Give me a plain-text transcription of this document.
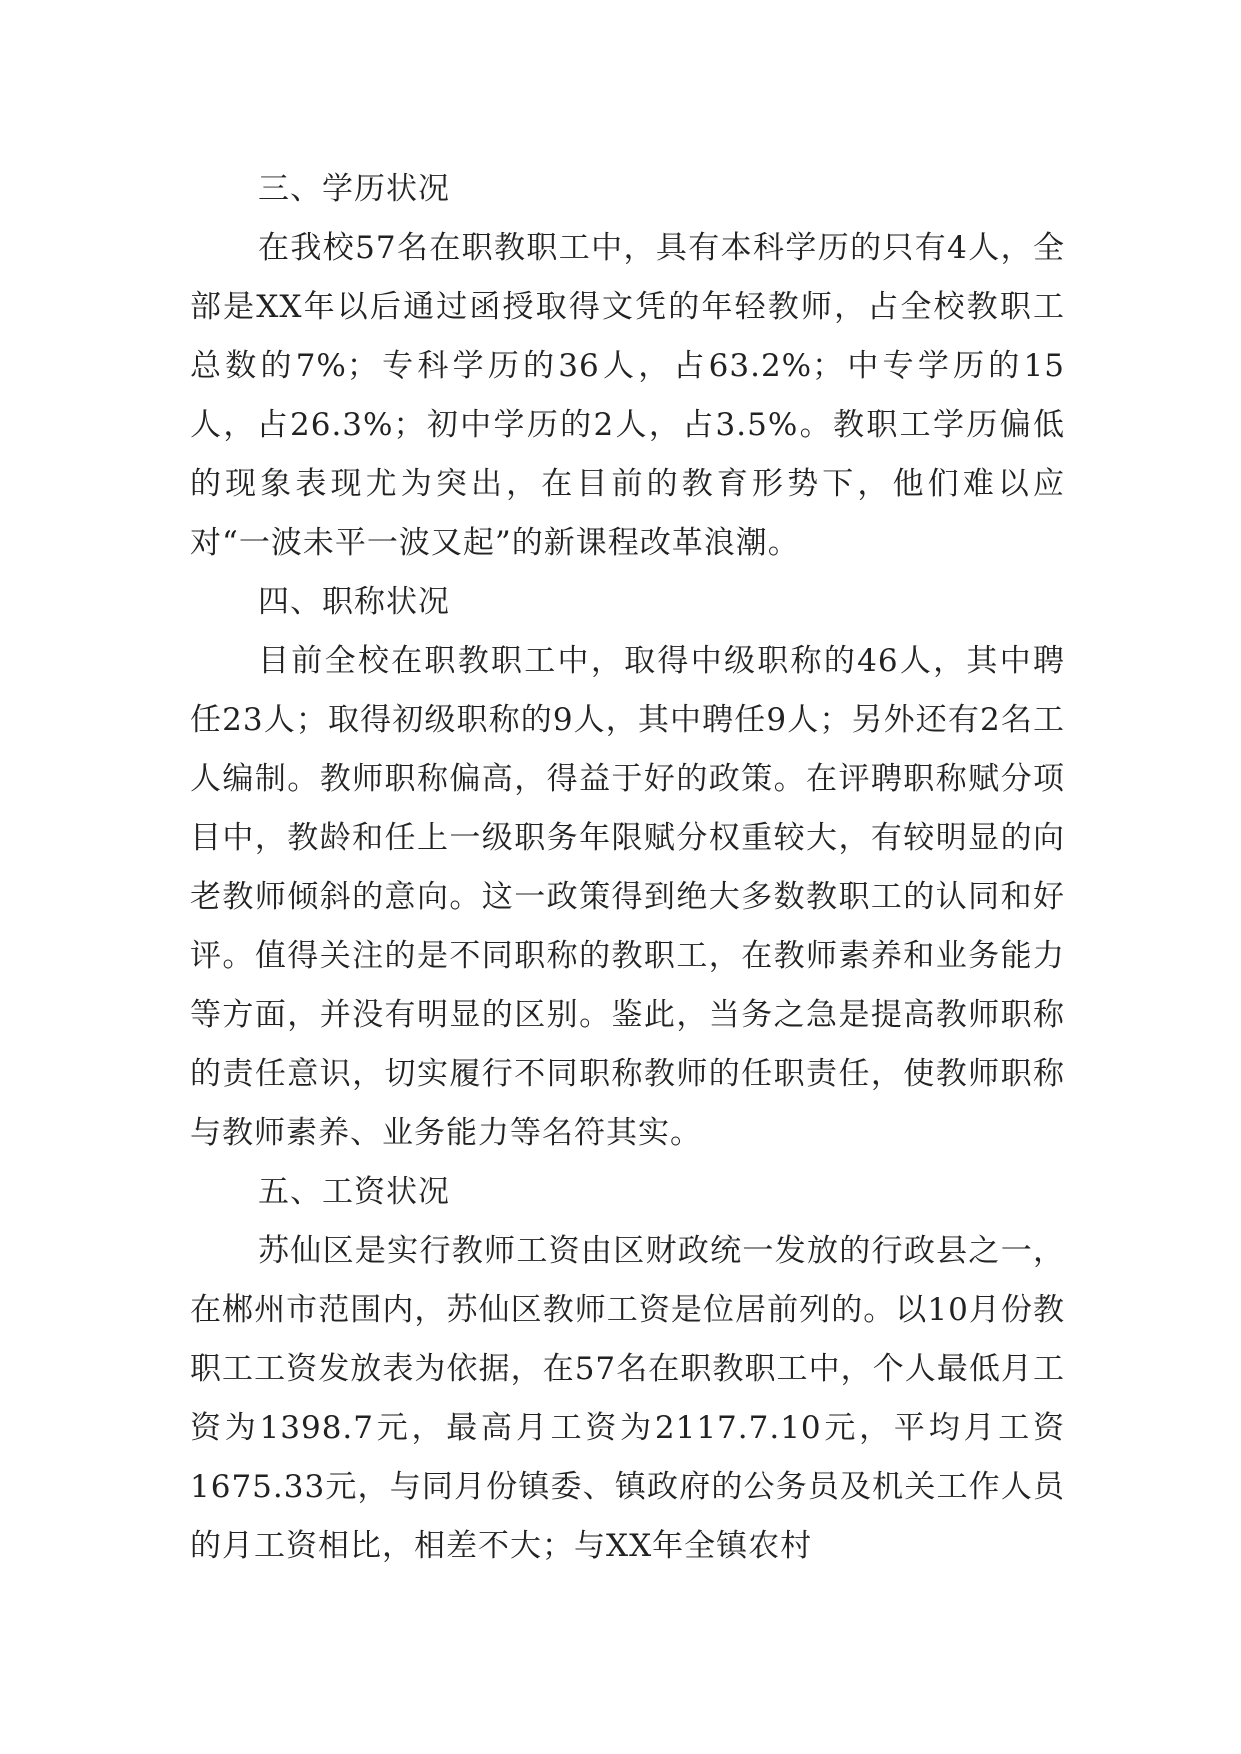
三、学历状况

在我校57名在职教职工中，具有本科学历的只有4人，全部是XX年以后通过函授取得文凭的年轻教师，占全校教职工总数的7%；专科学历的36人，占63.2%；中专学历的15人，占26.3%；初中学历的2人，占3.5%。教职工学历偏低的现象表现尤为突出，在目前的教育形势下，他们难以应对“一波未平一波又起”的新课程改革浪潮。

四、职称状况

目前全校在职教职工中，取得中级职称的46人，其中聘任23人；取得初级职称的9人，其中聘任9人；另外还有2名工人编制。教师职称偏高，得益于好的政策。在评聘职称赋分项目中，教龄和任上一级职务年限赋分权重较大，有较明显的向老教师倾斜的意向。这一政策得到绝大多数教职工的认同和好评。值得关注的是不同职称的教职工，在教师素养和业务能力等方面，并没有明显的区别。鉴此，当务之急是提高教师职称的责任意识，切实履行不同职称教师的任职责任，使教师职称与教师素养、业务能力等名符其实。

五、工资状况

苏仙区是实行教师工资由区财政统一发放的行政县之一，在郴州市范围内，苏仙区教师工资是位居前列的。以10月份教职工工资发放表为依据，在57名在职教职工中，个人最低月工资为1398.7元，最高月工资为2117.7.10元，平均月工资1675.33元，与同月份镇委、镇政府的公务员及机关工作人员的月工资相比，相差不大；与XX年全镇农村
